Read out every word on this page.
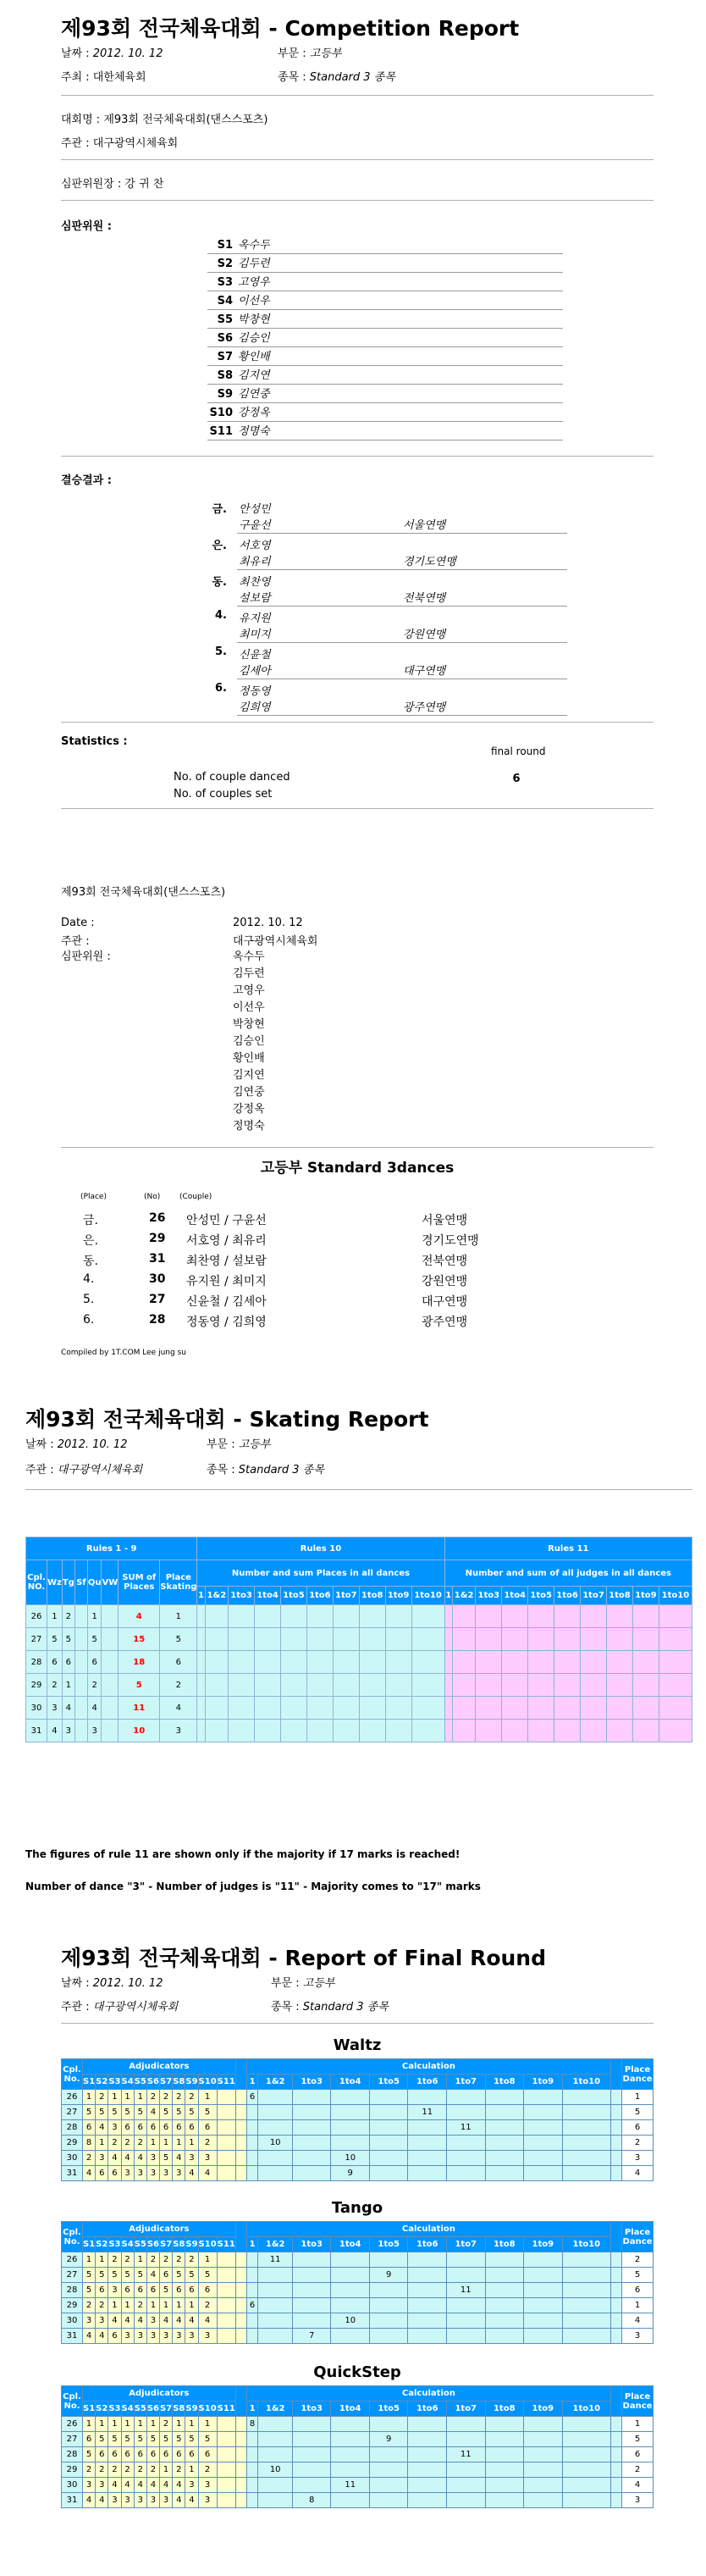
제93회 전국체육대회 - Competition Report
날짜 : 2012. 10. 12	부문 : 고등부
주최 : 대한체육회	종목 : Standard 3 종목
대회명 : 제93회 전국체육대회(댄스스포츠)
주관 : 대구광역시체육회
심판위원장 : 강 귀 찬
심판위원 :
S1 옥수두
S2 김두련
S3 고영우
S4 이선우
S5 박창현
S6 김승인
S7 황인배
S8 김지연
S9 김연중
S10 강정옥
S11 정명숙
결승결과 :
금. 안성민
구윤선	서울연맹
은. 서호영
최유리	경기도연맹
동. 최찬영
설보람	전북연맹
4. 유지원
최미지	강원연맹
5. 신윤철
김세아	대구연맹
6. 정동영
김희영	광주연맹
Statistics :
final round
6
No. of couple danced
No. of couples set
제93회 전국체육대회(댄스스포츠)
Date :	2012. 10. 12
주관 :	대구광역시체육회
심판위원 :	옥수두
김두련
고영우
이선우
박창현
김승인
황인배
김지연
김연중
강정옥
정명숙
고등부 Standard 3dances
(Place)	(No)	(Couple)
금.	26 안성민 / 구윤선	서울연맹
은.	29 서호영 / 최유리	경기도연맹
동.	31 최찬영 / 설보람	전북연맹
4.	30 유지원 / 최미지	강원연맹
5.	27 신윤철 / 김세아	대구연맹
6.	28 정동영 / 김희영	광주연맹
Compiled by 1T.COM Lee jung su
제93회 전국체육대회 - Skating Report
날짜 : 2012. 10. 12	부문 : 고등부
주관 : 대구광역시체육회	종목 : Standard 3 종목
Rules 1 - 9								Rules 10										Rules 11									
Cpl. NO.	Wz	Tg	Sf	Qu	VW	SUM of Places	Place Skating	Number and sum Places in all dances										Number and sum of all judges in all dances									
								1	1&2	1to3	1to4	1to5	1to6	1to7	1to8	1to9	1to10	1	1&2	1to3	1to4	1to5	1to6	1to7	1to8	1to9	1to10
26	1	2		1		4	1																				
27	5	5		5		15	5																				
28	6	6		6		18	6																				
29	2	1		2		5	2																				
30	3	4		4		11	4																				
31	4	3		3		10	3																				
The figures of rule 11 are shown only if the majority if 17 marks is reached!
Number of dance "3" - Number of judges is "11" - Majority comes to "17" marks
제93회 전국체육대회 - Report of Final Round
날짜 : 2012. 10. 12	부문 : 고등부
주관 : 대구광역시체육회	종목 : Standard 3 종목
Waltz
Cpl. No.	Adjudicators												Calculation											Place Dance
	S1	S2	S3	S4	S5	S6	S7	S8	S9	S10	S11		1	1&2	1to3	1to4	1to5	1to6	1to7	1to8	1to9	1to10		
26	1	2	1	1	1	2	2	2	2	1			6											1
27	5	5	5	5	5	4	5	5	5	5								11						5
28	6	4	3	6	6	6	6	6	6	6									11					6
29	8	1	2	2	2	1	1	1	1	2				10										2
30	2	3	4	4	4	3	5	4	3	3						10								3
31	4	6	6	3	3	3	3	3	4	4						9								4
Tango
Cpl. No.	Adjudicators												Calculation											Place Dance
	S1	S2	S3	S4	S5	S6	S7	S8	S9	S10	S11		1	1&2	1to3	1to4	1to5	1to6	1to7	1to8	1to9	1to10		
26	1	1	2	2	1	2	2	2	2	1				11										2
27	5	5	5	5	5	4	6	5	5	5							9							5
28	5	6	3	6	6	6	5	6	6	6									11					6
29	2	2	1	1	2	1	1	1	1	2			6											1
30	3	3	4	4	4	3	4	4	4	4						10								4
31	4	4	6	3	3	3	3	3	3	3					7									3
QuickStep
Cpl. No.	Adjudicators												Calculation											Place Dance
	S1	S2	S3	S4	S5	S6	S7	S8	S9	S10	S11		1	1&2	1to3	1to4	1to5	1to6	1to7	1to8	1to9	1to10		
26	1	1	1	1	1	1	2	1	1	1			8											1
27	6	5	5	5	5	5	5	5	5	5							9							5
28	5	6	6	6	6	6	6	6	6	6									11					6
29	2	2	2	2	2	2	1	2	1	2				10										2
30	3	3	4	4	4	4	4	4	3	3						11								4
31	4	4	3	3	3	3	3	4	4	3					8									3
